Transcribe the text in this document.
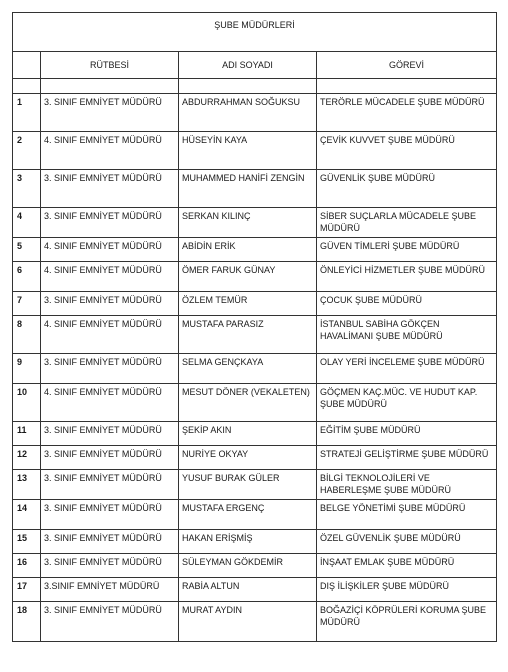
ŞUBE MÜDÜRLERİ			
	RÜTBESİ	ADI SOYADI	GÖREVİ

1	3. SINIF EMNİYET MÜDÜRÜ	ABDURRAHMAN SOĞUKSU	TERÖRLE MÜCADELE ŞUBE MÜDÜRÜ
2	4. SINIF EMNİYET MÜDÜRÜ	HÜSEYİN KAYA	ÇEVİK KUVVET ŞUBE MÜDÜRÜ
3	3. SINIF EMNİYET MÜDÜRÜ	MUHAMMED HANİFİ ZENGİN	GÜVENLİK ŞUBE MÜDÜRÜ
4	3. SINIF EMNİYET MÜDÜRÜ	SERKAN KILINÇ	SİBER SUÇLARLA MÜCADELE ŞUBE MÜDÜRÜ
5	4. SINIF EMNİYET MÜDÜRÜ	ABİDİN ERİK	GÜVEN TİMLERİ ŞUBE MÜDÜRÜ
6	4. SINIF EMNİYET MÜDÜRÜ	ÖMER FARUK GÜNAY	ÖNLEYİCİ HİZMETLER ŞUBE MÜDÜRÜ
7	3. SINIF EMNİYET MÜDÜRÜ	ÖZLEM TEMÜR	ÇOCUK ŞUBE MÜDÜRÜ
8	4. SINIF EMNİYET MÜDÜRÜ	MUSTAFA PARASIZ	İSTANBUL SABİHA GÖKÇEN HAVALİMANI ŞUBE MÜDÜRÜ
9	3. SINIF EMNİYET MÜDÜRÜ	SELMA GENÇKAYA	OLAY YERİ İNCELEME ŞUBE MÜDÜRÜ
10	4. SINIF EMNİYET MÜDÜRÜ	MESUT DÖNER (VEKALETEN)	GÖÇMEN KAÇ.MÜC. VE HUDUT KAP. ŞUBE MÜDÜRÜ
11	3. SINIF EMNİYET MÜDÜRÜ	ŞEKİP AKIN	EĞİTİM ŞUBE MÜDÜRÜ
12	3. SINIF EMNİYET MÜDÜRÜ	NURİYE OKYAY	STRATEJİ GELİŞTİRME ŞUBE MÜDÜRÜ
13	3. SINIF EMNİYET MÜDÜRÜ	YUSUF BURAK GÜLER	BİLGİ TEKNOLOJİLERİ VE HABERLEŞME ŞUBE MÜDÜRÜ
14	3. SINIF EMNİYET MÜDÜRÜ	MUSTAFA ERGENÇ	BELGE YÖNETİMİ ŞUBE MÜDÜRÜ
15	3. SINIF EMNİYET MÜDÜRÜ	HAKAN ERİŞMİŞ	ÖZEL GÜVENLİK ŞUBE MÜDÜRÜ
16	3. SINIF EMNİYET MÜDÜRÜ	SÜLEYMAN GÖKDEMİR	İNŞAAT EMLAK ŞUBE MÜDÜRÜ
17	3.SINIF EMNİYET MÜDÜRÜ	RABİA ALTUN	DIŞ İLİŞKİLER ŞUBE MÜDÜRÜ
18	3. SINIF EMNİYET MÜDÜRÜ	MURAT AYDIN	BOĞAZİÇİ KÖPRÜLERİ KORUMA ŞUBE MÜDÜRÜ
